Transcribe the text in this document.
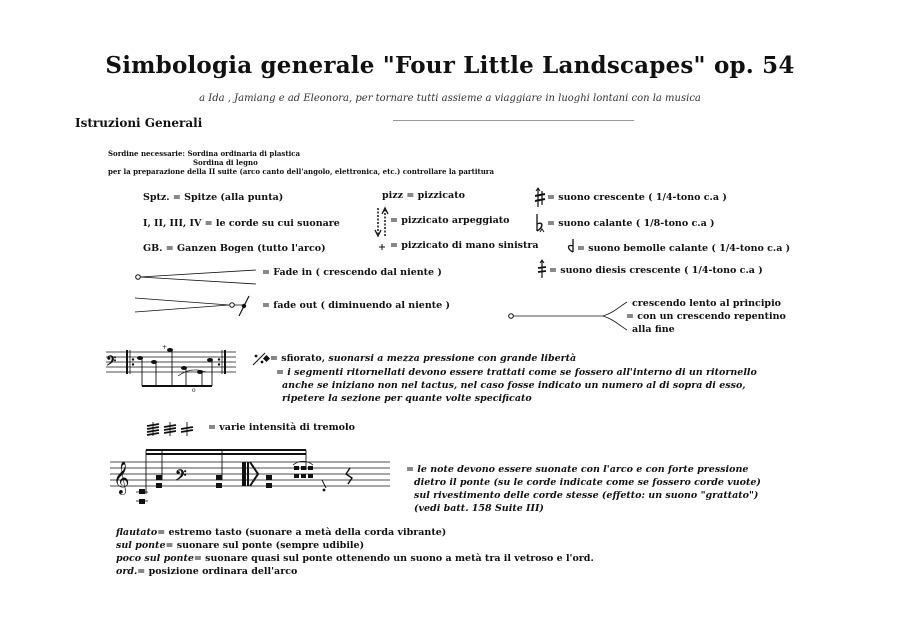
Simbologia generale "Four Little Landscapes" op. 54
a Ida , Jamiang e ad Eleonora, per tornare tutti assieme a viaggiare in luoghi lontani con la musica
Istruzioni Generali
Sordine necessarie: Sordina ordinaria di plastica
Sordina di legno
per la preparazione della II suite (arco canto dell'angolo, elettronica, etc.) controllare la partitura
Sptz. = Spitze (alla punta)
I, II, III, IV = le corde su cui suonare
GB. = Ganzen Bogen (tutto l'arco)
pizz = pizzicato
= pizzicato arpeggiato
= pizzicato di mano sinistra
= suono crescente ( 1/4-tono c.a )
= suono calante ( 1/8-tono c.a )
= suono bemolle calante ( 1/4-tono c.a )
= suono diesis crescente ( 1/4-tono c.a )
= Fade in ( crescendo dal niente )
= fade out ( diminuendo al niente )	crescendo lento al principio
= con un crescendo repentino
alla fine
𝄢
+
o
= sfiorato, suonarsi a mezza pressione con grande libertà
= i segmenti ritornellati devono essere trattati come se fossero all'interno di un ritornello
anche se iniziano non nel tactus, nel caso fosse indicato un numero al di sopra di esso,
ripetere la sezione per quante volte specificato
= varie intensità di tremolo
𝄞	𝄢	= le note devono essere suonate con l'arco e con forte pressione
dietro il ponte (su le corde indicate come se fossero corde vuote)
sul rivestimento delle corde stesse (effetto: un suono "grattato")
(vedi batt. 158 Suite III)
flautato= estremo tasto (suonare a metà della corda vibrante)
sul ponte= suonare sul ponte (sempre udibile)
poco sul ponte= suonare quasi sul ponte ottenendo un suono a metà tra il vetroso e l'ord.
ord.= posizione ordinara dell'arco
